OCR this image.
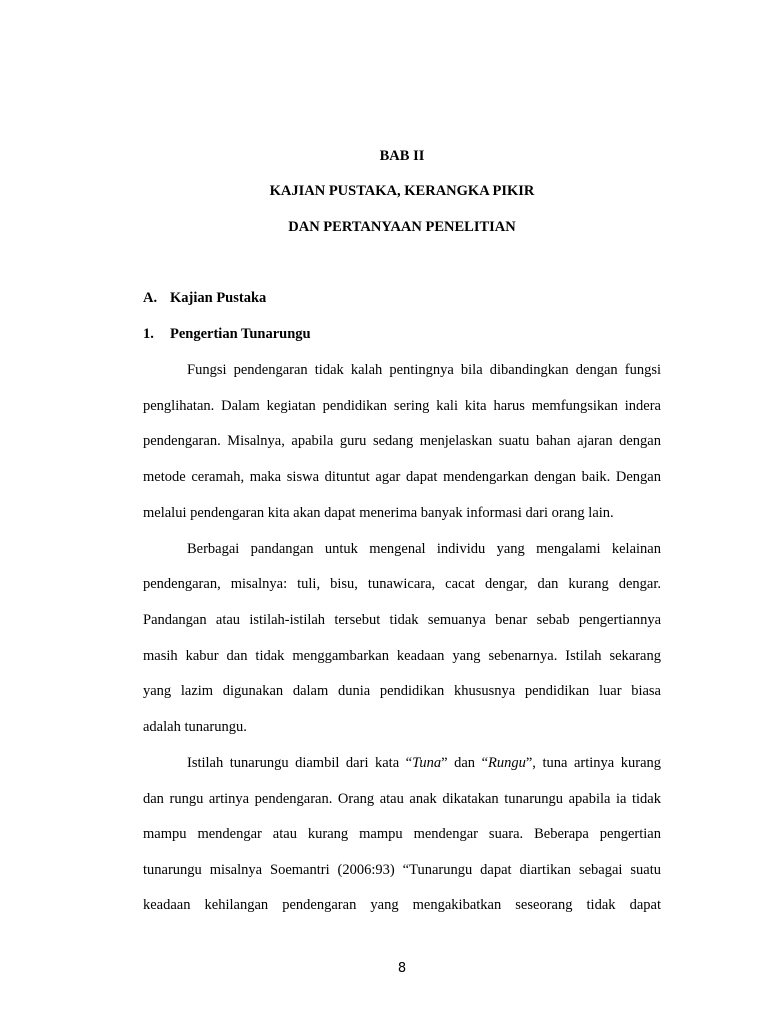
BAB II
KAJIAN PUSTAKA, KERANGKA PIKIR
DAN PERTANYAAN PENELITIAN
A. Kajian Pustaka
1. Pengertian Tunarungu
Fungsi pendengaran tidak kalah pentingnya bila dibandingkan dengan fungsi
penglihatan. Dalam kegiatan pendidikan sering kali kita harus memfungsikan indera
pendengaran. Misalnya, apabila guru sedang menjelaskan suatu bahan ajaran dengan
metode ceramah, maka siswa dituntut agar dapat mendengarkan dengan baik. Dengan
melalui pendengaran kita akan dapat menerima banyak informasi dari orang lain.
Berbagai pandangan untuk mengenal individu yang mengalami kelainan
pendengaran, misalnya: tuli, bisu, tunawicara, cacat dengar, dan kurang dengar.
Pandangan atau istilah-istilah tersebut tidak semuanya benar sebab pengertiannya
masih kabur dan tidak menggambarkan keadaan yang sebenarnya. Istilah sekarang
yang lazim digunakan dalam dunia pendidikan khususnya pendidikan luar biasa
adalah tunarungu.
Istilah tunarungu diambil dari kata “Tuna” dan “Rungu”, tuna artinya kurang
dan rungu artinya pendengaran. Orang atau anak dikatakan tunarungu apabila ia tidak
mampu mendengar atau kurang mampu mendengar suara. Beberapa pengertian
tunarungu misalnya Soemantri (2006:93) “Tunarungu dapat diartikan sebagai suatu
keadaan kehilangan pendengaran yang mengakibatkan seseorang tidak dapat
8
